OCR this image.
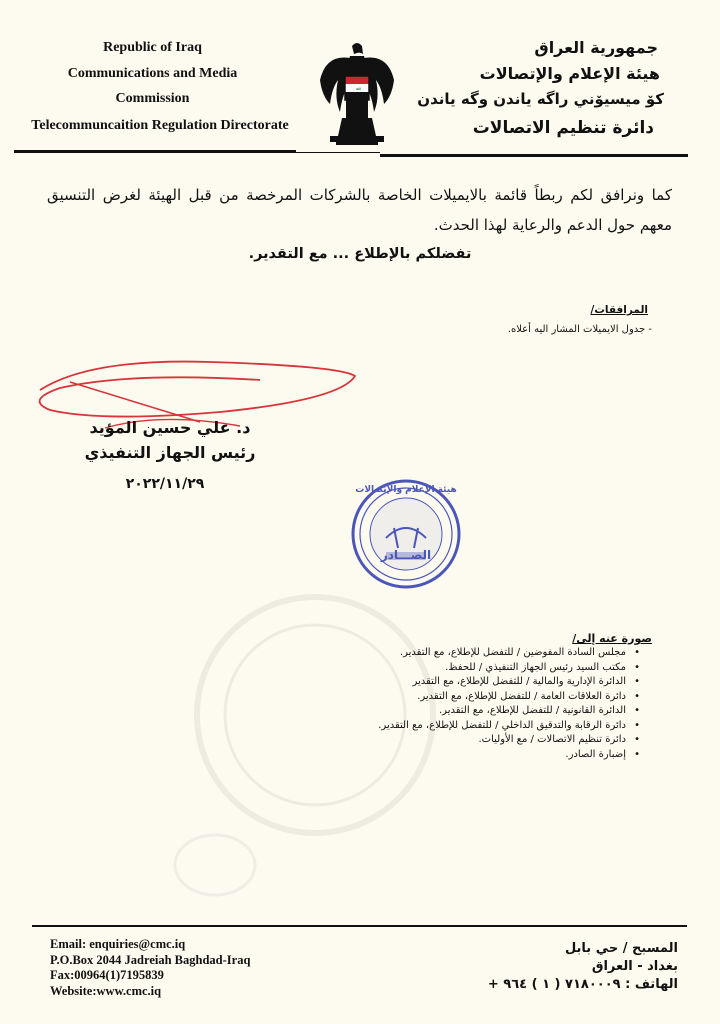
Republic of Iraq
Communications and Media
Commission
Telecommuncaition Regulation Directorate
ﷲ
جمهورية العراق
هيئة الإعلام والإتصالات
كۆ ميسيۆني راگه ياندن وگه ياندن
دائرة تنظيم الاتصالات
كما ونرافق لكم ربطاً قائمة بالايميلات الخاصة بالشركات المرخصة من قبل الهيئة لغرض التنسيق معهم حول الدعم والرعاية لهذا الحدث.
تفضلكم بالإطلاع ... مع التقدير.
المرافقات/
- جدول الايميلات المشار اليه أعلاه.
د. علي حسين المؤيد
رئيس الجهاز التنفيذي
٢٠٢٢/١١/٢٩	هيئة الإعلام والإتصالات
الصـــادر
صورة عنه إلى/
• مجلس السادة المفوضين / للتفضل للإطلاع، مع التقدير.
• مكتب السيد رئيس الجهاز التنفيذي / للحفظ.
• الدائرة الإدارية والمالية / للتفضل للإطلاع، مع التقدير
• دائرة العلاقات العامة / للتفضل للإطلاع، مع التقدير.
• الدائرة القانونية / للتفضل للإطلاع، مع التقدير.
• دائرة الرقابة والتدقيق الداخلي / للتفضل للإطلاع، مع التقدير.
• دائرة تنظيم الاتصالات / مع الأوليات.
• إضبارة الصادر.
Email: enquiries@cmc.iq
P.O.Box 2044 Jadreiah Baghdad-Iraq
Fax:00964(1)7195839
Website:www.cmc.iq
المسبح / حي بابل
بغداد - العراق
الهاتف : ٧١٨٠٠٠٩ ( ١ ) ٩٦٤ +
